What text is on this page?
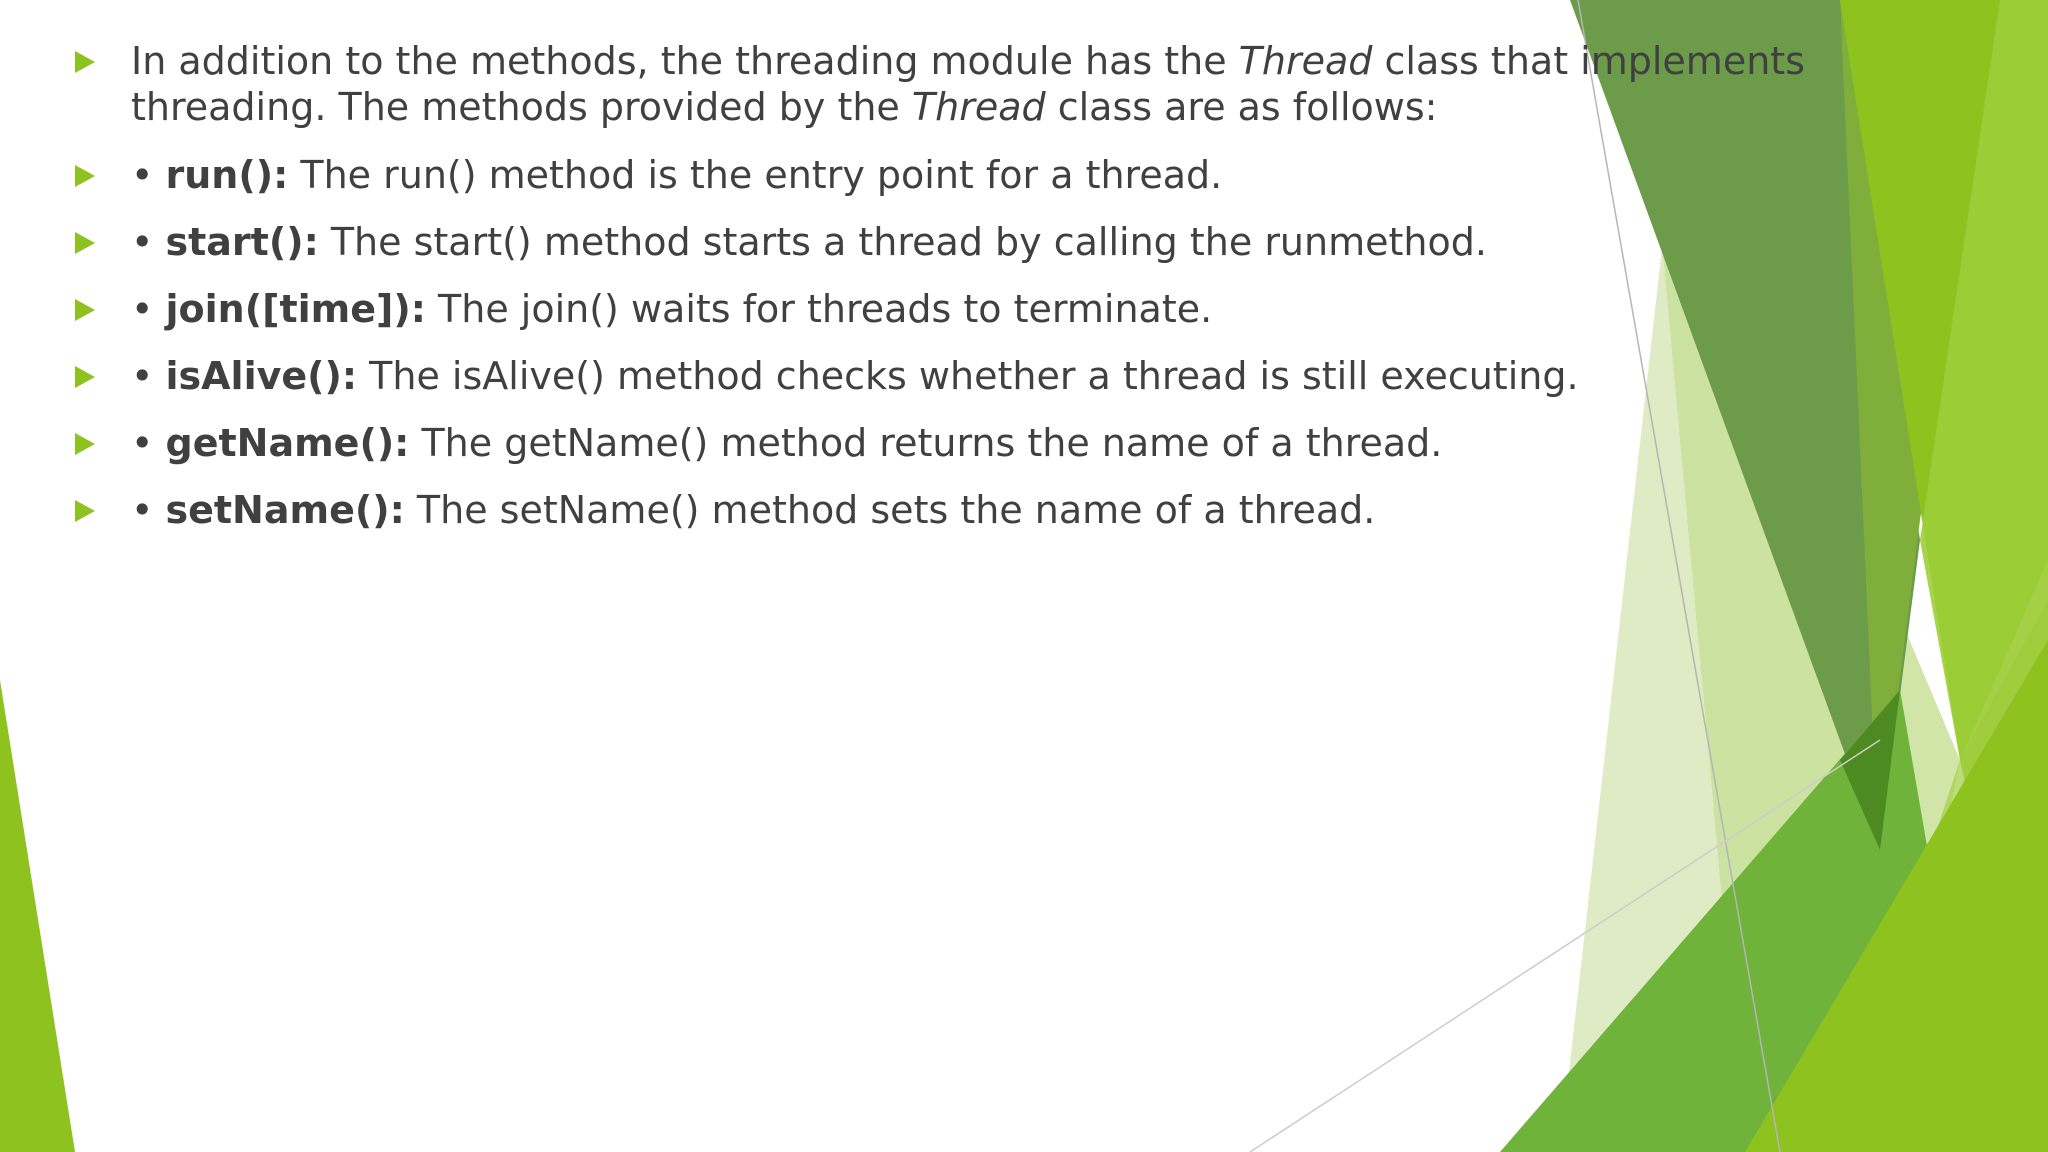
In addition to the methods, the threading module has the Thread class that implements
threading. The methods provided by the Thread class are as follows:
• run(): The run() method is the entry point for a thread.
• start(): The start() method starts a thread by calling the runmethod.
• join([time]): The join() waits for threads to terminate.
• isAlive(): The isAlive() method checks whether a thread is still executing.
• getName(): The getName() method returns the name of a thread.
• setName(): The setName() method sets the name of a thread.
